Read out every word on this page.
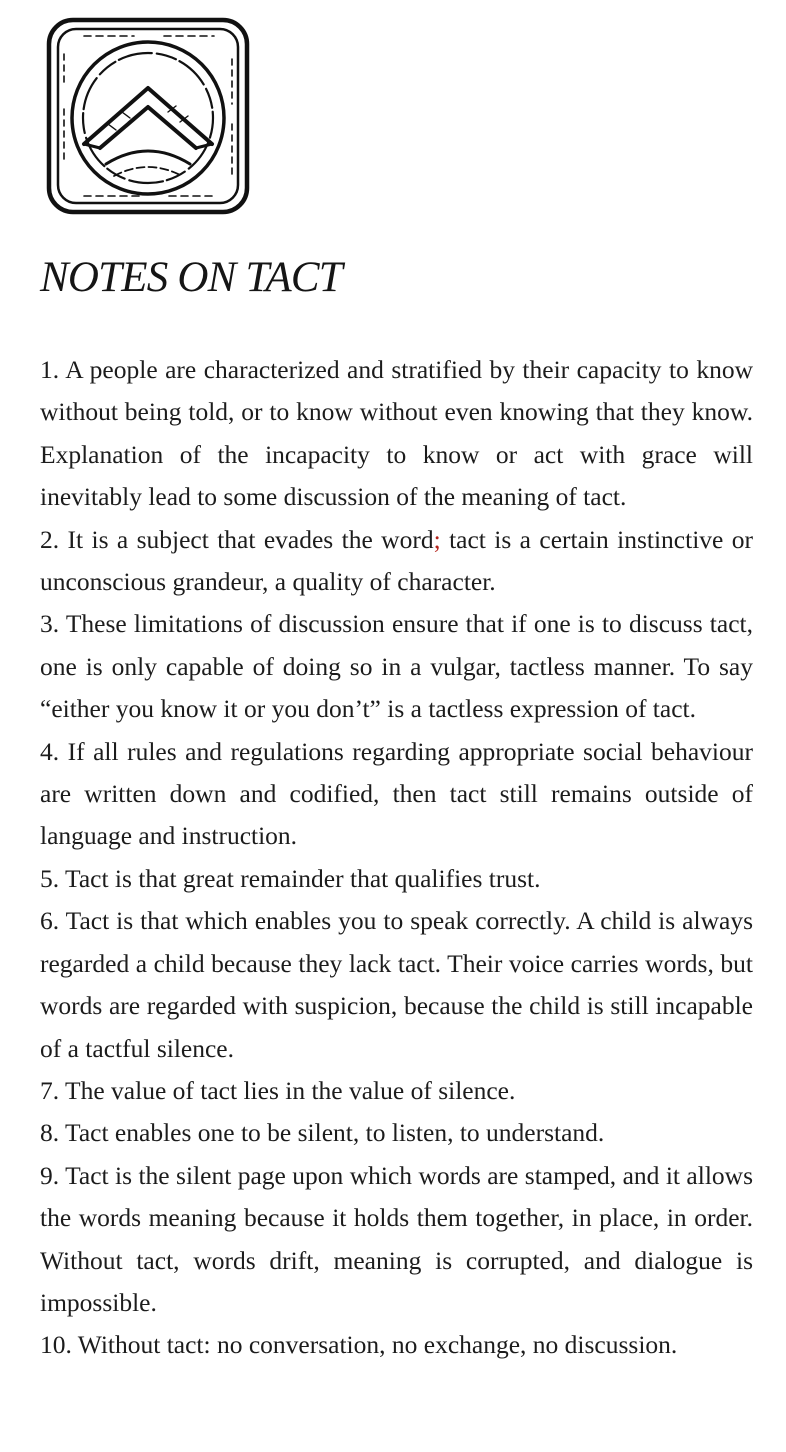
NOTES ON TACT
1. A people are characterized and stratified by their capacity to know without being told, or to know without even knowing that they know. Explanation of the incapacity to know or act with grace will inevitably lead to some discussion of the meaning of tact.
2. It is a subject that evades the word; tact is a certain instinctive or unconscious grandeur, a quality of character.
3. These limitations of discussion ensure that if one is to discuss tact, one is only capable of doing so in a vulgar, tactless manner. To say “either you know it or you don’t” is a tactless expression of tact.
4. If all rules and regulations regarding appropriate social behaviour are written down and codified, then tact still remains outside of language and instruction.
5. Tact is that great remainder that qualifies trust.
6. Tact is that which enables you to speak correctly. A child is always regarded a child because they lack tact. Their voice carries words, but words are regarded with suspicion, because the child is still incapable of a tactful silence.
7. The value of tact lies in the value of silence.
8. Tact enables one to be silent, to listen, to understand.
9. Tact is the silent page upon which words are stamped, and it allows the words meaning because it holds them together, in place, in order. Without tact, words drift, meaning is corrupted, and dialogue is impossible.
10. Without tact: no conversation, no exchange, no discussion.
